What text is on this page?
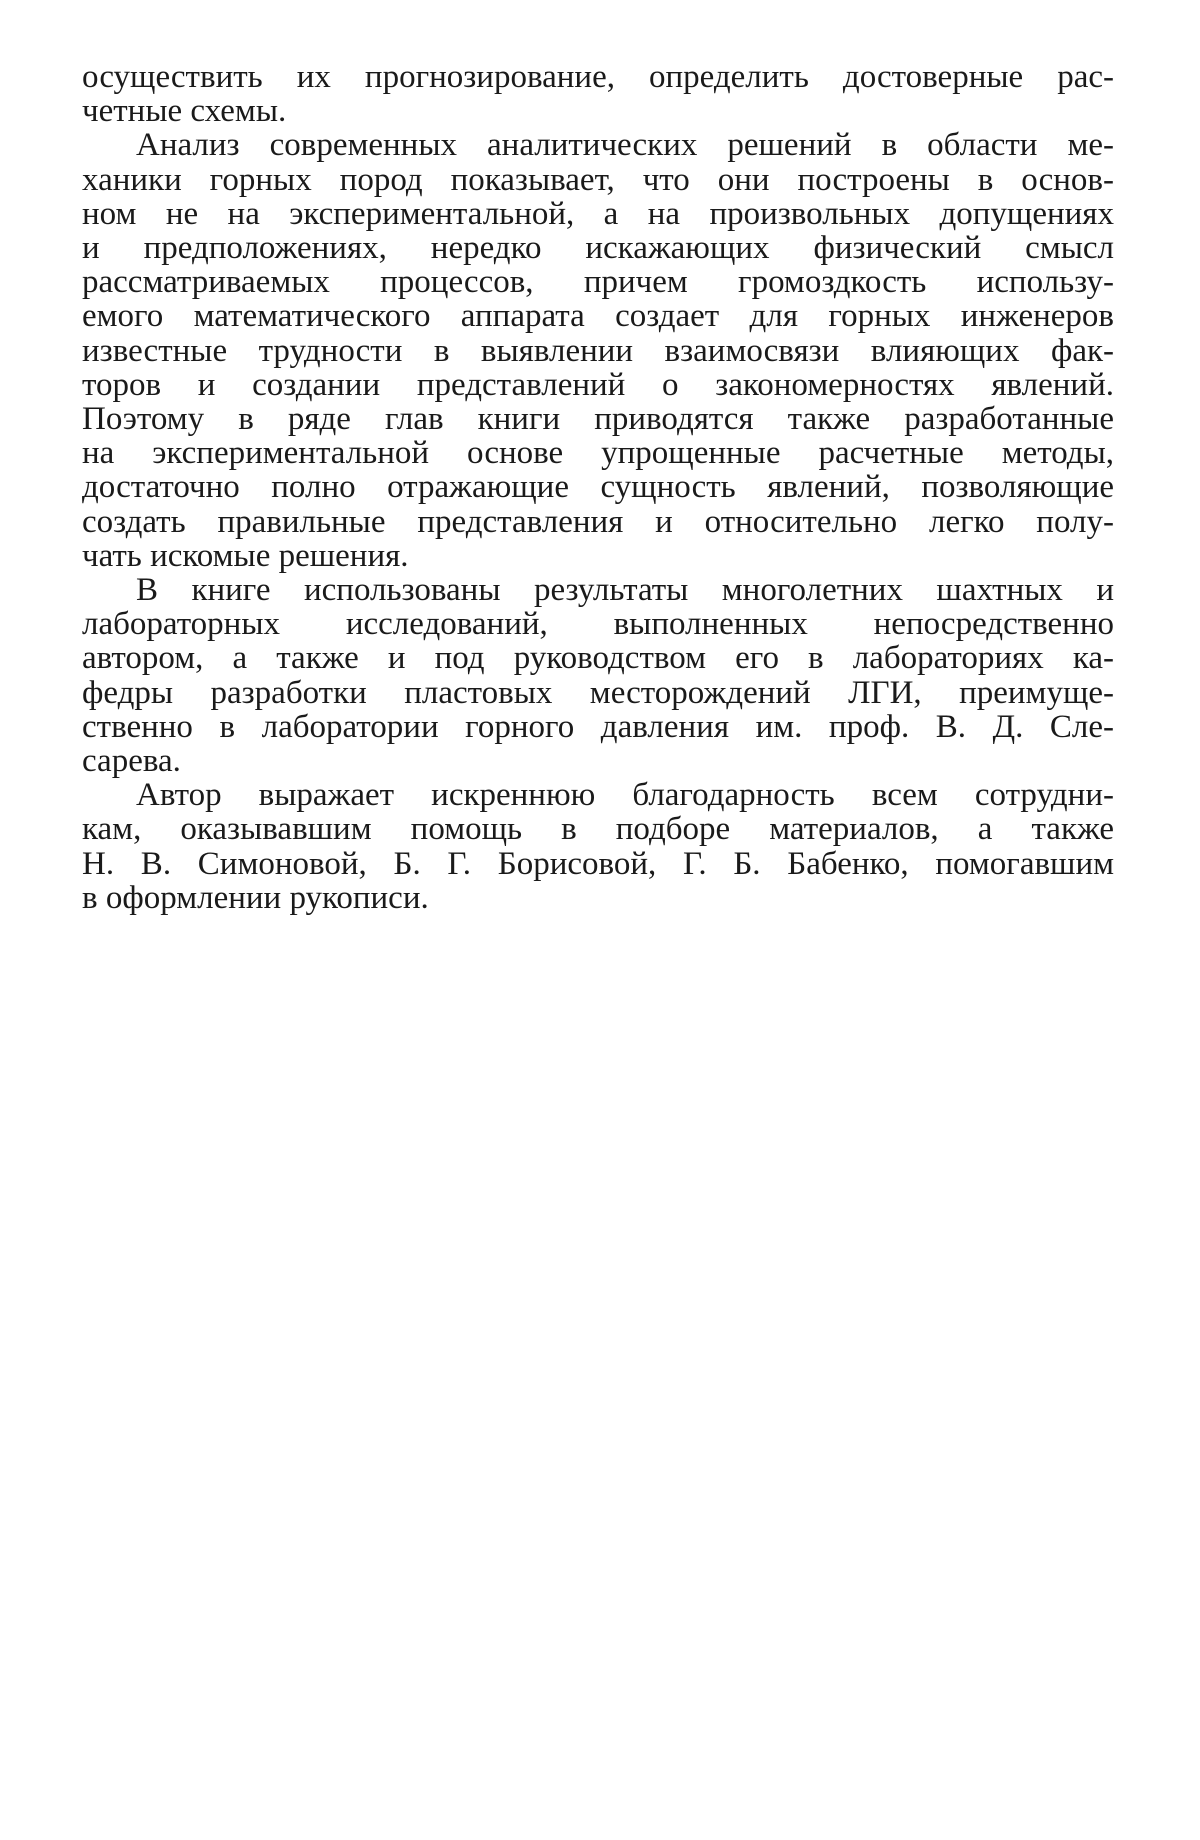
осуществить их прогнозирование, определить достоверные рас-
четные схемы.

Анализ современных аналитических решений в области ме-
ханики горных пород показывает, что они построены в основ-
ном не на экспериментальной, а на произвольных допущениях
и предположениях, нередко искажающих физический смысл
рассматриваемых процессов, причем громоздкость использу-
емого математического аппарата создает для горных инженеров
известные трудности в выявлении взаимосвязи влияющих фак-
торов и создании представлений о закономерностях явлений.
Поэтому в ряде глав книги приводятся также разработанные
на экспериментальной основе упрощенные расчетные методы,
достаточно полно отражающие сущность явлений, позволяющие
создать правильные представления и относительно легко полу-
чать искомые решения.

В книге использованы результаты многолетних шахтных и
лабораторных исследований, выполненных непосредственно
автором, а также и под руководством его в лабораториях ка-
федры разработки пластовых месторождений ЛГИ, преимуще-
ственно в лаборатории горного давления им. проф. В. Д. Сле-
сарева.

Автор выражает искреннюю благодарность всем сотрудни-
кам, оказывавшим помощь в подборе материалов, а также
Н. В. Симоновой, Б. Г. Борисовой, Г. Б. Бабенко, помогавшим
в оформлении рукописи.
